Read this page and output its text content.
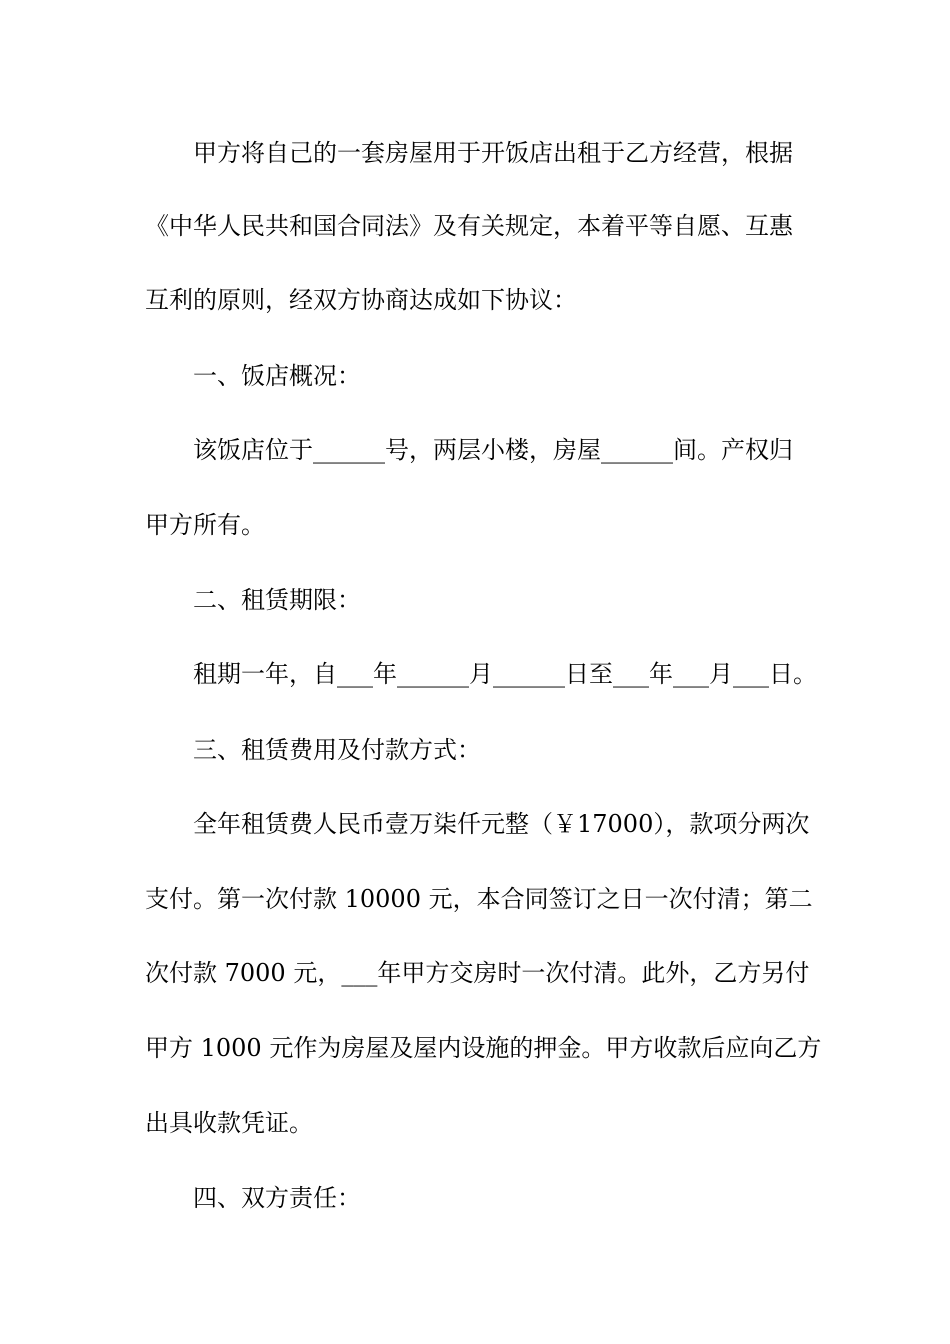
甲方将自己的一套房屋用于开饭店出租于乙方经营，根据
《中华人民共和国合同法》及有关规定，本着平等自愿、互惠
互利的原则，经双方协商达成如下协议：
一、饭店概况：
该饭店位于______号，两层小楼，房屋______间。产权归
甲方所有。
二、租赁期限：
租期一年，自___年______月______日至___年___月___日。
三、租赁费用及付款方式：
全年租赁费人民币壹万柒仟元整（￥17000），款项分两次
支付。第一次付款 10000 元，本合同签订之日一次付清；第二
次付款 7000 元，___年甲方交房时一次付清。此外，乙方另付
甲方 1000 元作为房屋及屋内设施的押金。甲方收款后应向乙方
出具收款凭证。
四、双方责任：
